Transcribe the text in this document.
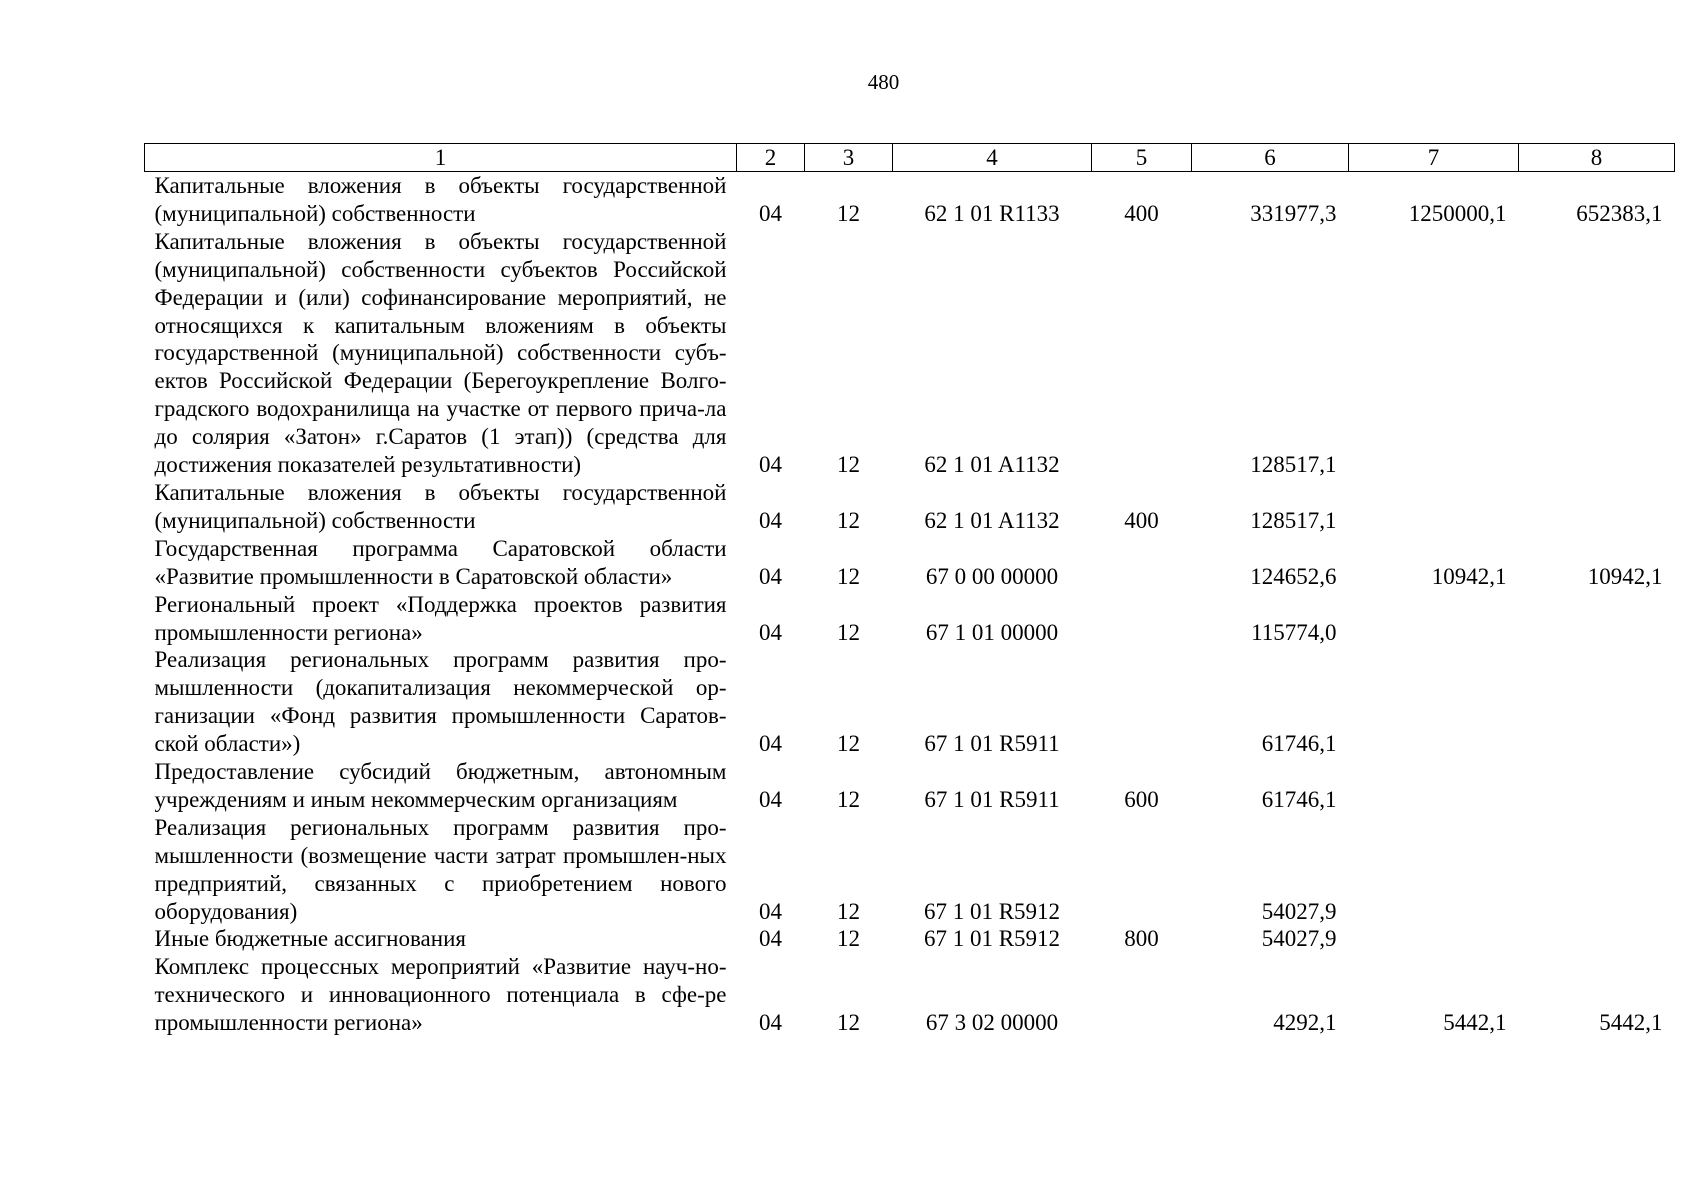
480
1	2	3	4	5	6	7	8
Капитальные вложения в объекты государственной (муниципальной) собственности	04	12	62 1 01 R1133	400	331977,3	1250000,1	652383,1
Капитальные вложения в объекты государственной (муниципальной) собственности субъектов Российской Федерации и (или) софинансирование мероприятий, не относящихся к капитальным вложениям в объекты государственной (муниципальной) собственности субъ-ектов Российской Федерации (Берегоукрепление Волго-градского водохранилища на участке от первого прича-ла до солярия «Затон» г.Саратов (1 этап)) (средства для достижения показателей результативности)	04	12	62 1 01 A1132		128517,1		
Капитальные вложения в объекты государственной (муниципальной) собственности	04	12	62 1 01 A1132	400	128517,1		
Государственная программа Саратовской области «Развитие промышленности в Саратовской области»	04	12	67 0 00 00000		124652,6	10942,1	10942,1
Региональный проект «Поддержка проектов развития промышленности региона»	04	12	67 1 01 00000		115774,0		
Реализация региональных программ развития про-мышленности (докапитализация некоммерческой ор-ганизации «Фонд развития промышленности Саратов-ской области»)	04	12	67 1 01 R5911		61746,1		
Предоставление субсидий бюджетным, автономным учреждениям и иным некоммерческим организациям	04	12	67 1 01 R5911	600	61746,1		
Реализация региональных программ развития про-мышленности (возмещение части затрат промышлен-ных предприятий, связанных с приобретением нового оборудования)	04	12	67 1 01 R5912		54027,9		
Иные бюджетные ассигнования	04	12	67 1 01 R5912	800	54027,9		
Комплекс процессных мероприятий «Развитие науч-но-технического и инновационного потенциала в сфе-ре промышленности региона»	04	12	67 3 02 00000		4292,1	5442,1	5442,1
